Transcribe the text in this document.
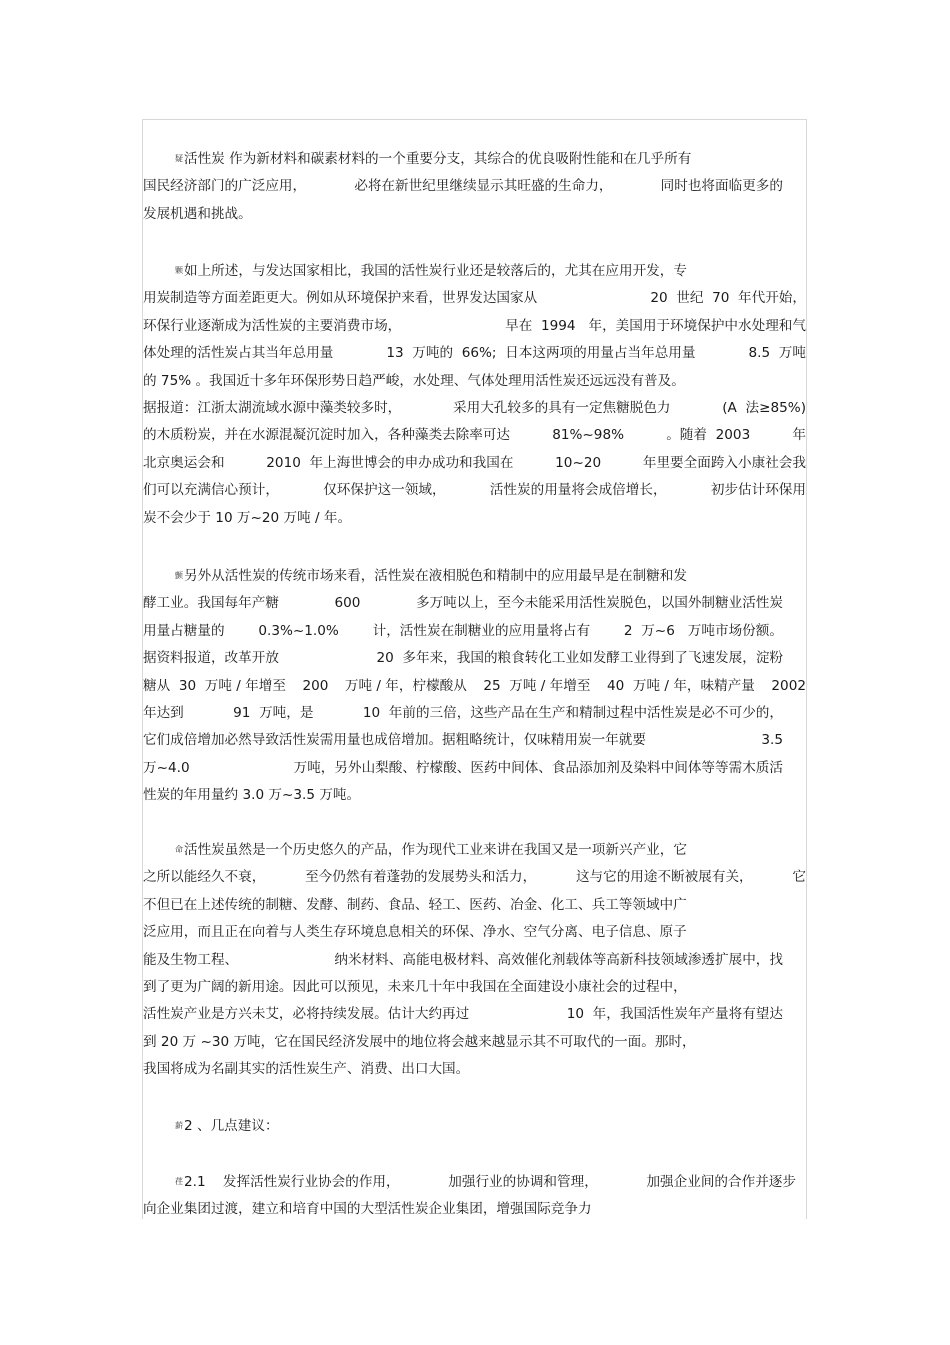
疑活性炭 作为新材料和碳素材料的一个重要分支，其综合的优良吸附性能和在几乎所有
国民经济部门的广泛应用，	必将在新世纪里继续显示其旺盛的生命力，	同时也将面临更多的
发展机遇和挑战。
颗如上所述，与发达国家相比，我国的活性炭行业还是较落后的，尤其在应用开发，专
用炭制造等方面差距更大。例如从环境保护来看，世界发达国家从	20  世纪  70  年代开始，
环保行业逐渐成为活性炭的主要消费市场，	早在  1994   年，美国用于环境保护中水处理和气
体处理的活性炭占其当年总用量	13  万吨的  66%;  日本这两项的用量占当年总用量	8.5  万吨
的 75% 。我国近十多年环保形势日趋严峻，水处理、气体处理用活性炭还远远没有普及。
据报道：江浙太湖流域水源中藻类较多时，	采用大孔较多的具有一定焦糖脱色力	(A  法≥85%)
的木质粉炭，并在水源混凝沉淀时加入，各种藻类去除率可达	81%~98%	。随着  2003	年
北京奥运会和	2010  年上海世博会的申办成功和我国在	10~20	年里要全面跨入小康社会我
们可以充满信心预计，	仅环保护这一领域，	活性炭的用量将会成倍增长，	初步估计环保用
炭不会少于 10 万~20 万吨 / 年。
颤另外从活性炭的传统市场来看，活性炭在液相脱色和精制中的应用最早是在制糖和发
酵工业。我国每年产糖	600	多万吨以上，至今未能采用活性炭脱色，以国外制糖业活性炭
用量占糖量的 0.3%~1.0% 计，活性炭在制糖业的应用量将占有 2  万~6   万吨市场份额。
据资料报道，改革开放	20  多年来，我国的粮食转化工业如发酵工业得到了飞速发展，淀粉
糖从  30  万吨 / 年增至 200 万吨 / 年，柠檬酸从 25  万吨 / 年增至 40  万吨 / 年，味精产量 2002
年达到	91  万吨，是	10  年前的三倍，这些产品在生产和精制过程中活性炭是必不可少的，
它们成倍增加必然导致活性炭需用量也成倍增加。据粗略统计，仅味精用炭一年就要	3.5
万~4.0	万吨，另外山梨酸、柠檬酸、医药中间体、食品添加剂及染料中间体等等需木质活
性炭的年用量约 3.0 万~3.5 万吨。
命活性炭虽然是一个历史悠久的产品，作为现代工业来讲在我国又是一项新兴产业，它
之所以能经久不衰，	至今仍然有着蓬勃的发展势头和活力，	这与它的用途不断被展有关，	它
不但已在上述传统的制糖、发酵、制药、食品、轻工、医药、冶金、化工、兵工等领域中广
泛应用，而且正在向着与人类生存环境息息相关的环保、净水、空气分离、电子信息、原子
能及生物工程、	纳米材料、高能电极材料、高效催化剂载体等高新科技领域渗透扩展中，找
到了更为广阔的新用途。因此可以预见，未来几十年中我国在全面建设小康社会的过程中，
活性炭产业是方兴未艾，必将持续发展。估计大约再过	10  年，我国活性炭年产量将有望达
到 20 万 ~30 万吨，它在国民经济发展中的地位将会越来越显示其不可取代的一面。那时，
我国将成为名副其实的活性炭生产、消费、出口大国。
薪2 、几点建议：
荏 2.1    发挥活性炭行业协会的作用，	加强行业的协调和管理，	加强企业间的合作并逐步
向企业集团过渡，建立和培育中国的大型活性炭企业集团，增强国际竞争力
